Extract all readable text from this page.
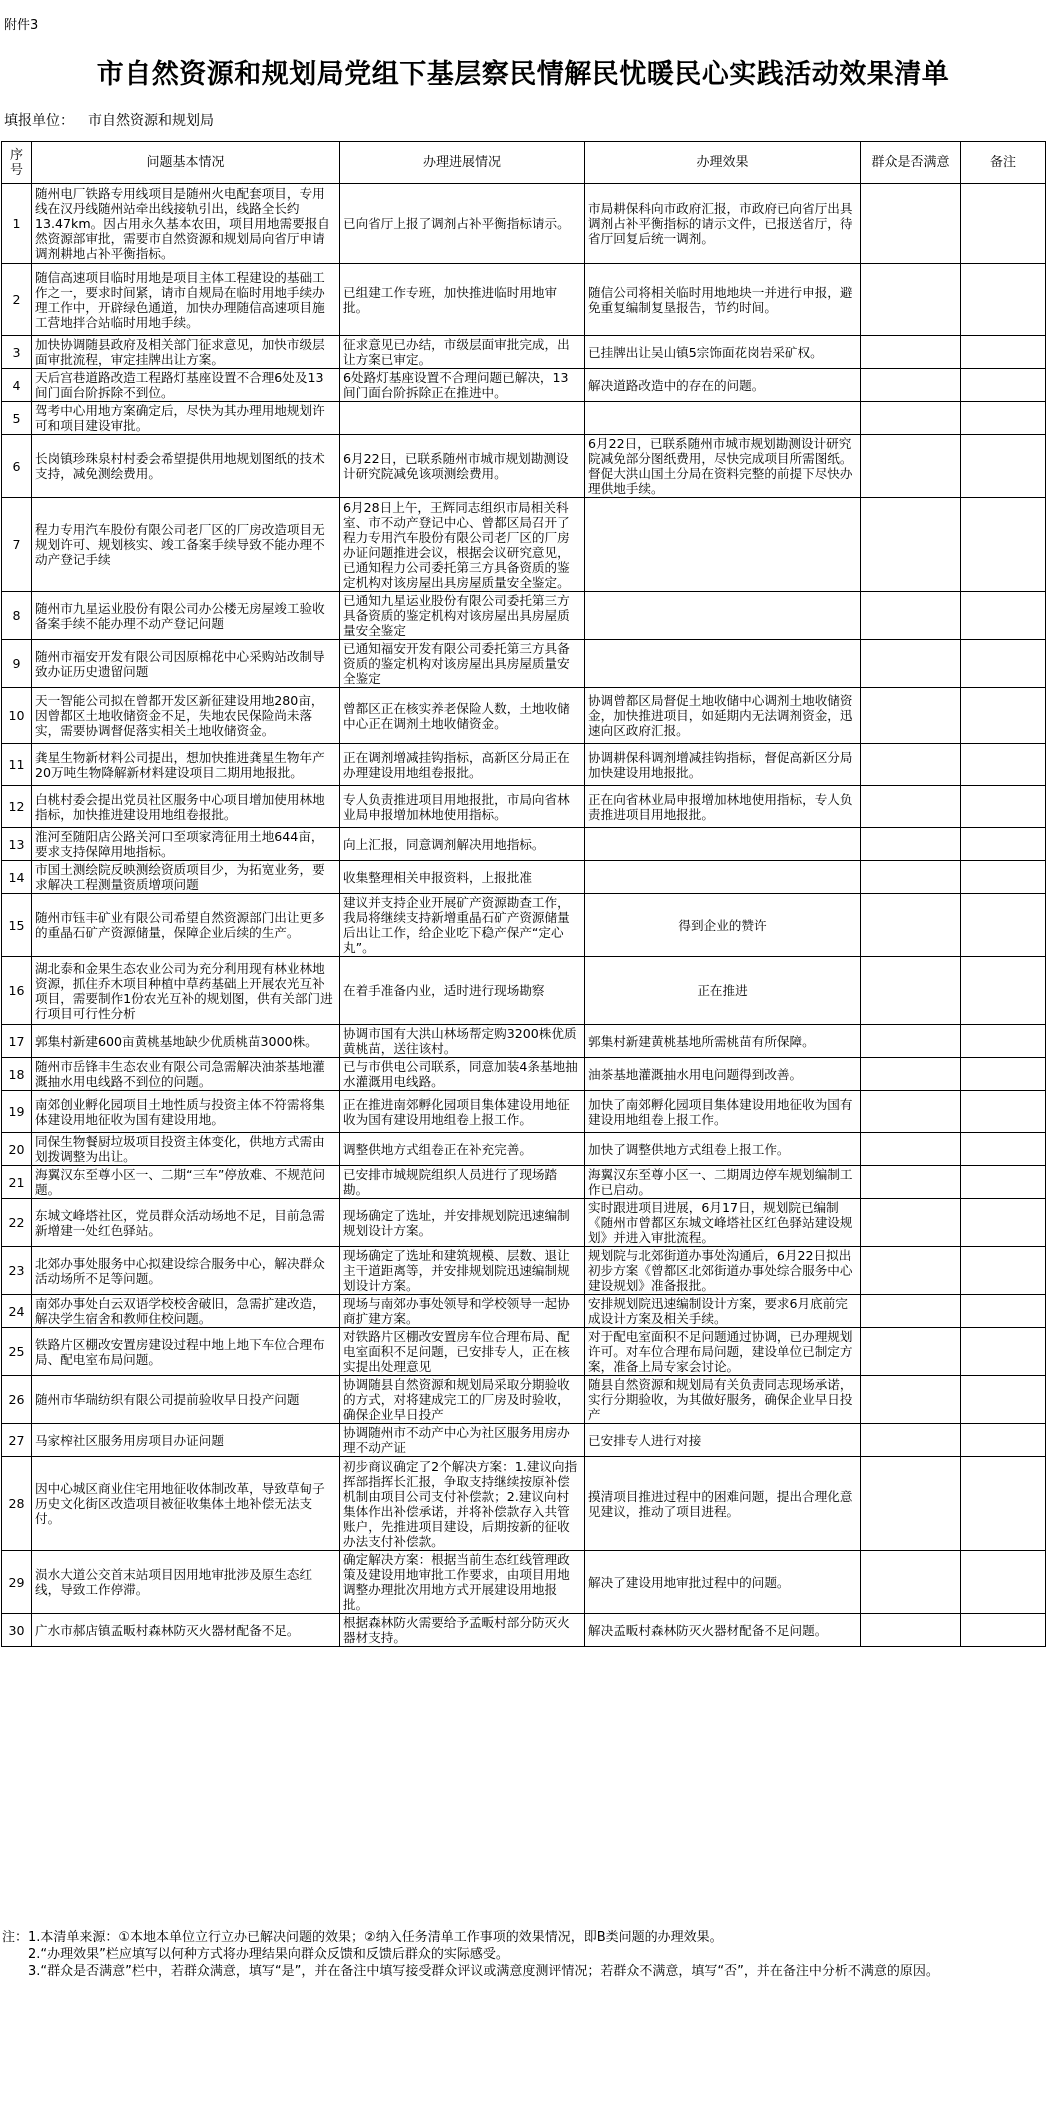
附件3
市自然资源和规划局党组下基层察民情解民忧暖民心实践活动效果清单
填报单位： 市自然资源和规划局
序号	问题基本情况	办理进展情况	办理效果	群众是否满意	备注
1	随州电厂铁路专用线项目是随州火电配套项目，专用线在汉丹线随州站牵出线接轨引出，线路全长约13.47km。因占用永久基本农田，项目用地需要报自然资源部审批，需要市自然资源和规划局向省厅申请调剂耕地占补平衡指标。	已向省厅上报了调剂占补平衡指标请示。	市局耕保科向市政府汇报，市政府已向省厅出具调剂占补平衡指标的请示文件，已报送省厅，待省厅回复后统一调剂。		
2	随信高速项目临时用地是项目主体工程建设的基础工作之一，要求时间紧，请市自规局在临时用地手续办理工作中，开辟绿色通道，加快办理随信高速项目施工营地拌合站临时用地手续。	已组建工作专班，加快推进临时用地审批。	随信公司将相关临时用地地块一并进行申报，避免重复编制复垦报告，节约时间。		
3	加快协调随县政府及相关部门征求意见，加快市级层面审批流程，审定挂牌出让方案。	征求意见已办结，市级层面审批完成，出让方案已审定。	已挂牌出让吴山镇5宗饰面花岗岩采矿权。		
4	天后宫巷道路改造工程路灯基座设置不合理6处及13间门面台阶拆除不到位。	6处路灯基座设置不合理问题已解决，13间门面台阶拆除正在推进中。	解决道路改造中的存在的问题。		
5	驾考中心用地方案确定后，尽快为其办理用地规划许可和项目建设审批。				
6	长岗镇珍珠泉村村委会希望提供用地规划图纸的技术支持，减免测绘费用。	6月22日，已联系随州市城市规划勘测设计研究院减免该项测绘费用。	6月22日，已联系随州市城市规划勘测设计研究院减免部分图纸费用，尽快完成项目所需图纸。督促大洪山国土分局在资料完整的前提下尽快办理供地手续。		
7	程力专用汽车股份有限公司老厂区的厂房改造项目无规划许可、规划核实、竣工备案手续导致不能办理不动产登记手续	6月28日上午，王辉同志组织市局相关科室、市不动产登记中心、曾都区局召开了程力专用汽车股份有限公司老厂区的厂房办证问题推进会议，根据会议研究意见，已通知程力公司委托第三方具备资质的鉴定机构对该房屋出具房屋质量安全鉴定。			
8	随州市九星运业股份有限公司办公楼无房屋竣工验收备案手续不能办理不动产登记问题	已通知九星运业股份有限公司委托第三方具备资质的鉴定机构对该房屋出具房屋质量安全鉴定			
9	随州市福安开发有限公司因原棉花中心采购站改制导致办证历史遗留问题	已通知福安开发有限公司委托第三方具备资质的鉴定机构对该房屋出具房屋质量安全鉴定			
10	天一智能公司拟在曾都开发区新征建设用地280亩，因曾都区土地收储资金不足，失地农民保险尚未落实，需要协调督促落实相关土地收储资金。	曾都区正在核实养老保险人数，土地收储中心正在调剂土地收储资金。	协调曾都区局督促土地收储中心调剂土地收储资金，加快推进项目，如延期内无法调剂资金，迅速向区政府汇报。		
11	龚星生物新材料公司提出，想加快推进龚星生物年产20万吨生物降解新材料建设项目二期用地报批。	正在调剂增减挂钩指标，高新区分局正在办理建设用地组卷报批。	协调耕保科调剂增减挂钩指标，督促高新区分局加快建设用地报批。		
12	白桃村委会提出党员社区服务中心项目增加使用林地指标，加快推进建设用地组卷报批。	专人负责推进项目用地报批，市局向省林业局申报增加林地使用指标。	正在向省林业局申报增加林地使用指标，专人负责推进项目用地报批。		
13	淮河至随阳店公路关河口至项家湾征用土地644亩，要求支持保障用地指标。	向上汇报，同意调剂解决用地指标。			
14	市国土测绘院反映测绘资质项目少，为拓宽业务，要求解决工程测量资质增项问题	收集整理相关申报资料，上报批准			
15	随州市钰丰矿业有限公司希望自然资源部门出让更多的重晶石矿产资源储量，保障企业后续的生产。	建议并支持企业开展矿产资源勘查工作，我局将继续支持新增重晶石矿产资源储量后出让工作，给企业吃下稳产保产“定心丸”。	得到企业的赞许		
16	湖北泰和金果生态农业公司为充分利用现有林业林地资源，抓住乔木项目种植中草药基础上开展农光互补项目，需要制作1份农光互补的规划图，供有关部门进行项目可行性分析	在着手准备内业，适时进行现场勘察	正在推进		
17	郭集村新建600亩黄桃基地缺少优质桃苗3000株。	协调市国有大洪山林场帮定购3200株优质黄桃苗，送往该村。	郭集村新建黄桃基地所需桃苗有所保障。		
18	随州市岳锋丰生态农业有限公司急需解决油茶基地灌溉抽水用电线路不到位的问题。	已与市供电公司联系，同意加装4条基地抽水灌溉用电线路。	油茶基地灌溉抽水用电问题得到改善。		
19	南郊创业孵化园项目土地性质与投资主体不符需将集体建设用地征收为国有建设用地。	正在推进南郊孵化园项目集体建设用地征收为国有建设用地组卷上报工作。	加快了南郊孵化园项目集体建设用地征收为国有建设用地组卷上报工作。		
20	同保生物餐厨垃圾项目投资主体变化，供地方式需由划拨调整为出让。	调整供地方式组卷正在补充完善。	加快了调整供地方式组卷上报工作。		
21	海翼汉东至尊小区一、二期“三车”停放难、不规范问题。	已安排市城规院组织人员进行了现场踏勘。	海翼汉东至尊小区一、二期周边停车规划编制工作已启动。		
22	东城文峰塔社区，党员群众活动场地不足，目前急需新增建一处红色驿站。	现场确定了选址，并安排规划院迅速编制规划设计方案。	实时跟进项目进展，6月17日，规划院已编制《随州市曾都区东城文峰塔社区红色驿站建设规划》并进入审批流程。		
23	北郊办事处服务中心拟建设综合服务中心，解决群众活动场所不足等问题。	现场确定了选址和建筑规模、层数、退让主干道距离等，并安排规划院迅速编制规划设计方案。	规划院与北郊街道办事处沟通后，6月22日拟出初步方案《曾都区北郊街道办事处综合服务中心建设规划》准备报批。		
24	南郊办事处白云双语学校校舍破旧，急需扩建改造，解决学生宿舍和教师住校问题。	现场与南郊办事处领导和学校领导一起协商扩建方案。	安排规划院迅速编制设计方案，要求6月底前完成设计方案及相关手续。		
25	铁路片区棚改安置房建设过程中地上地下车位合理布局、配电室布局问题。	对铁路片区棚改安置房车位合理布局、配电室面积不足问题，已安排专人，正在核实提出处理意见	对于配电室面积不足问题通过协调，已办理规划许可。对车位合理布局问题，建设单位已制定方案，准备上局专家会讨论。		
26	随州市华瑞纺织有限公司提前验收早日投产问题	协调随县自然资源和规划局采取分期验收的方式，对将建成完工的厂房及时验收，确保企业早日投产	随县自然资源和规划局有关负责同志现场承诺，实行分期验收，为其做好服务，确保企业早日投产		
27	马家榨社区服务用房项目办证问题	协调随州市不动产中心为社区服务用房办理不动产证	已安排专人进行对接		
28	因中心城区商业住宅用地征收体制改革，导致草甸子历史文化街区改造项目被征收集体土地补偿无法支付。	初步商议确定了2个解决方案：1.建议向指挥部指挥长汇报，争取支持继续按原补偿机制由项目公司支付补偿款；2.建议向村集体作出补偿承诺，并将补偿款存入共管账户，先推进项目建设，后期按新的征收办法支付补偿款。	摸清项目推进过程中的困难问题，提出合理化意见建议，推动了项目进程。		
29	涢水大道公交首末站项目因用地审批涉及原生态红线，导致工作停滞。	确定解决方案：根据当前生态红线管理政策及建设用地审批工作要求，由项目用地调整办理批次用地方式开展建设用地报批。	解决了建设用地审批过程中的问题。		
30	广水市郝店镇孟畈村森林防灭火器材配备不足。	根据森林防火需要给予孟畈村部分防灭火器材支持。	解决孟畈村森林防灭火器材配备不足问题。		
注：1.本清单来源：①本地本单位立行立办已解决问题的效果；②纳入任务清单工作事项的效果情况，即B类问题的办理效果。
2.“办理效果”栏应填写以何种方式将办理结果向群众反馈和反馈后群众的实际感受。
3.“群众是否满意”栏中，若群众满意，填写“是”，并在备注中填写接受群众评议或满意度测评情况；若群众不满意，填写“否”，并在备注中分析不满意的原因。
